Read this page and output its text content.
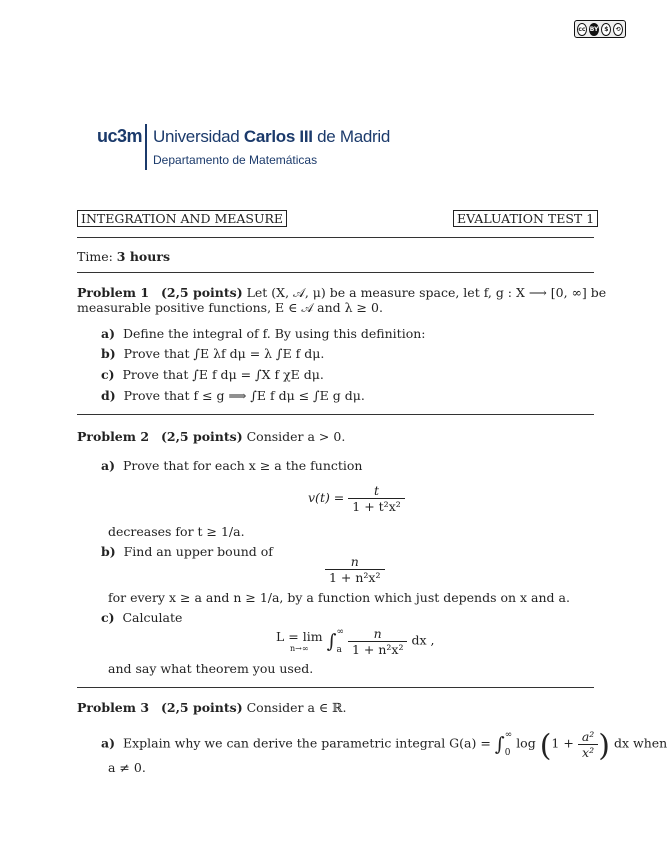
cc BY $	⟲
uc3m Universidad Carlos III de Madrid
Departamento de Matemáticas
INTEGRATION AND MEASURE	EVALUATION TEST 1
Time: 3 hours
Problem 1 (2,5 points) Let (X, 𝒜, μ) be a measure space, let f, g : X ⟶ [0, ∞] be
measurable positive functions, E ∈ 𝒜 and λ ≥ 0.
a) Define the integral of f. By using this definition:
b) Prove that ∫E λf dμ = λ ∫E f dμ.
c) Prove that ∫E f dμ = ∫X f χE dμ.
d) Prove that f ≤ g ⟹ ∫E f dμ ≤ ∫E g dμ.
Problem 2 (2,5 points) Consider a > 0.
a) Prove that for each x ≥ a the function
$v(t) = \frac{t}{\text{1 + t²x²}}$
decreases for t ≥ 1/a.
b) Find an upper bound of
$\frac{n}{\text{1 + n²x²}}$
for every x ≥ a and n ≥ 1/a, by a function which just depends on x and a.
c) Calculate
L = lim
n→∞ ∫ ∞
a
$\frac{n}{\text{1 + n²x²}}$ dx ,
and say what theorem you used.
Problem 3 (2,5 points) Consider a ∈ ℝ.
a) Explain why we can derive the parametric integral G(a) = ∫ ∞
0
$\log (1 + \frac{\text{a²}}{\text{x²}}$ ) dx when
a ≠ 0.
